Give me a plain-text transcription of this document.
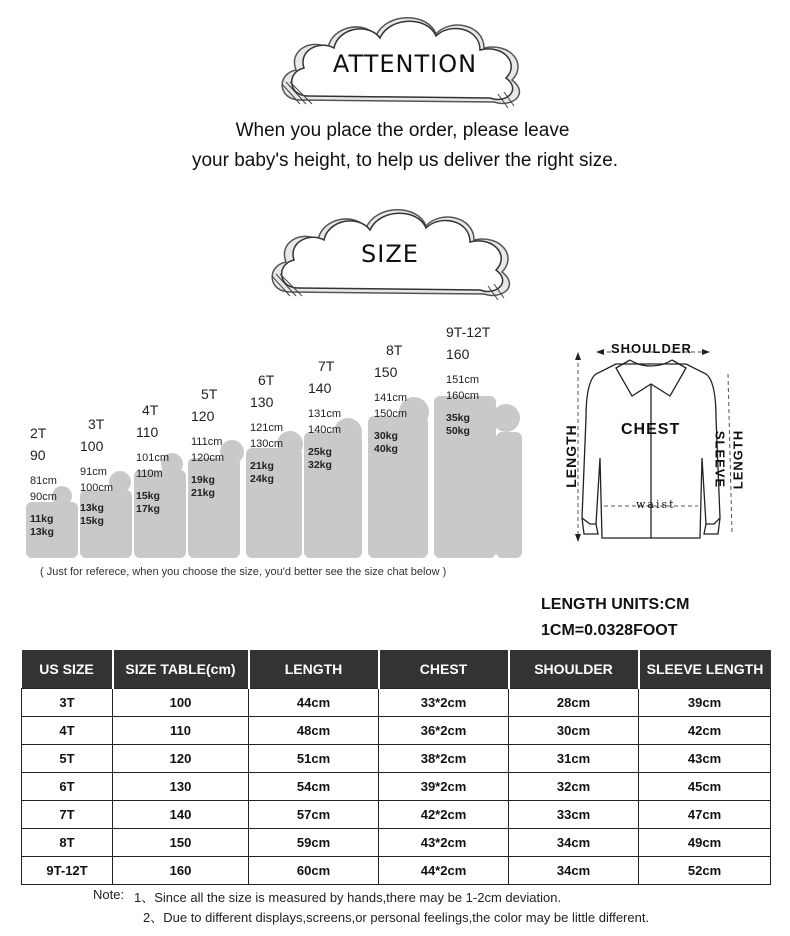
ATTENTION
When you place the order, please leave
your baby's height, to help us deliver the right size.
SIZE
2T
90
81cm
90cm
11kg
13kg
3T
100
91cm
100cm
13kg
15kg
4T
110
101cm
110m
15kg
17kg
5T
120
111cm
120cm
19kg
21kg
6T
130
121cm
130cm
21kg
24kg
7T
140
131cm
140cm
25kg
32kg
8T
150
141cm
150cm
30kg
40kg
9T-12T
160
151cm
160cm
35kg
50kg
( Just for referece, when you choose the size, you'd better see the size chat below )
SHOULDER
CHEST
LENGTH	SLEEVE LENGTH
waist
LENGTH UNITS:CM
1CM=0.0328FOOT
US SIZE	SIZE TABLE(cm)	LENGTH	CHEST	SHOULDER	SLEEVE LENGTH
3T	100	44cm	33*2cm	28cm	39cm
4T	110	48cm	36*2cm	30cm	42cm
5T	120	51cm	38*2cm	31cm	43cm
6T	130	54cm	39*2cm	32cm	45cm
7T	140	57cm	42*2cm	33cm	47cm
8T	150	59cm	43*2cm	34cm	49cm
9T-12T	160	60cm	44*2cm	34cm	52cm
Note: 1、Since all the size is measured by hands,there may be 1-2cm deviation.
2、Due to different displays,screens,or personal feelings,the color may be little different.
